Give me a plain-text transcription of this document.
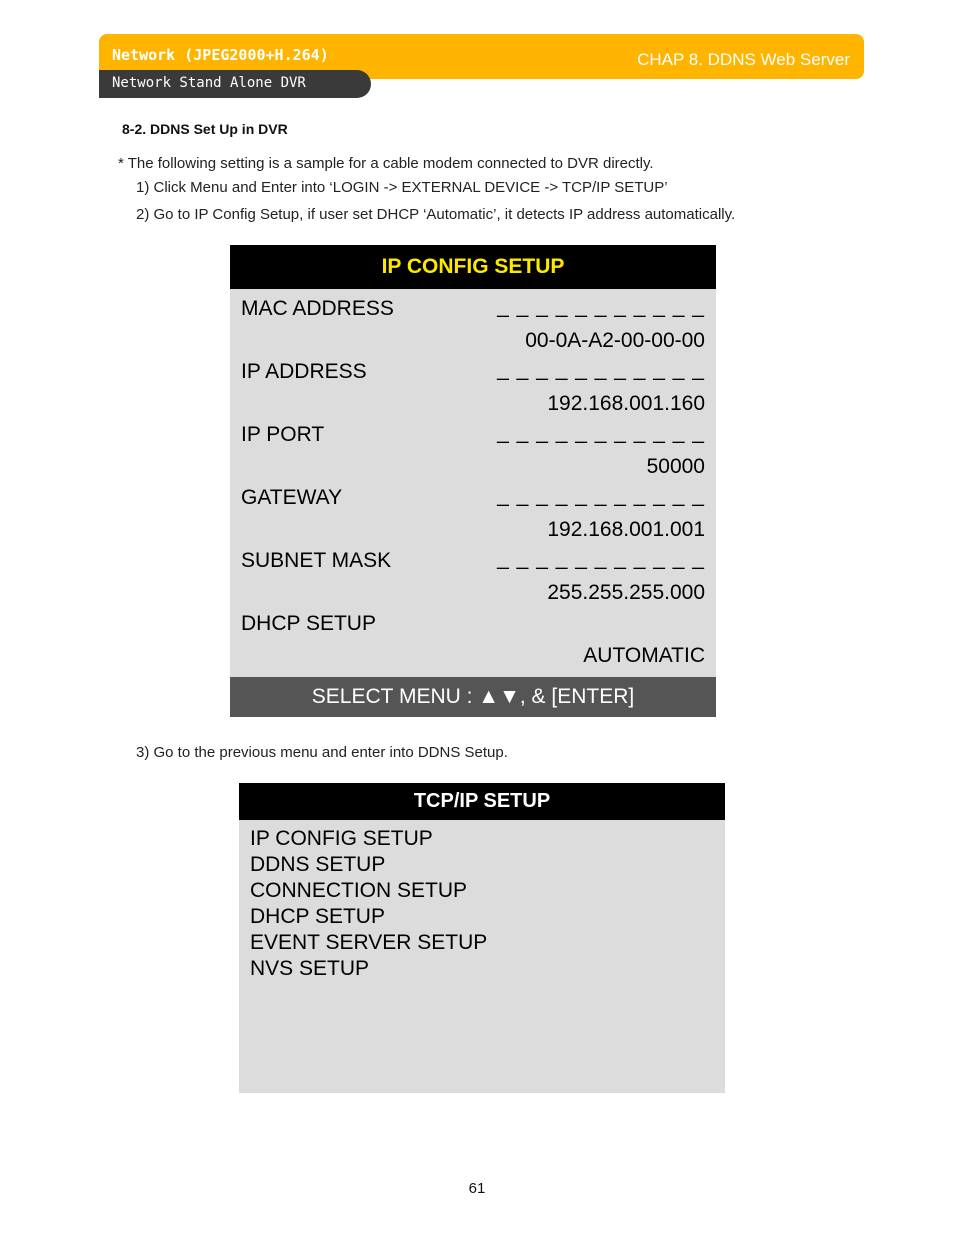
Network (JPEG2000+H.264)	CHAP 8. DDNS Web Server
Network Stand Alone DVR
8-2. DDNS Set Up in DVR
* The following setting is a sample for a cable modem connected to DVR directly.
1) Click Menu and Enter into ‘LOGIN -> EXTERNAL DEVICE -> TCP/IP SETUP’
2) Go to IP Config Setup, if user set DHCP ‘Automatic’, it detects IP address automatically.
IP CONFIG SETUP
MAC ADDRESS	_ _ _ _ _ _ _ _ _ _ _
00-0A-A2-00-00-00
IP ADDRESS	_ _ _ _ _ _ _ _ _ _ _
192.168.001.160
IP PORT	_ _ _ _ _ _ _ _ _ _ _
50000
GATEWAY	_ _ _ _ _ _ _ _ _ _ _
192.168.001.001
SUBNET MASK	_ _ _ _ _ _ _ _ _ _ _
255.255.255.000
DHCP SETUP
AUTOMATIC
SELECT MENU : ▲▼, & [ENTER]
3) Go to the previous menu and enter into DDNS Setup.
TCP/IP SETUP
IP CONFIG SETUP
DDNS SETUP
CONNECTION SETUP
DHCP SETUP
EVENT SERVER SETUP
NVS SETUP
61
